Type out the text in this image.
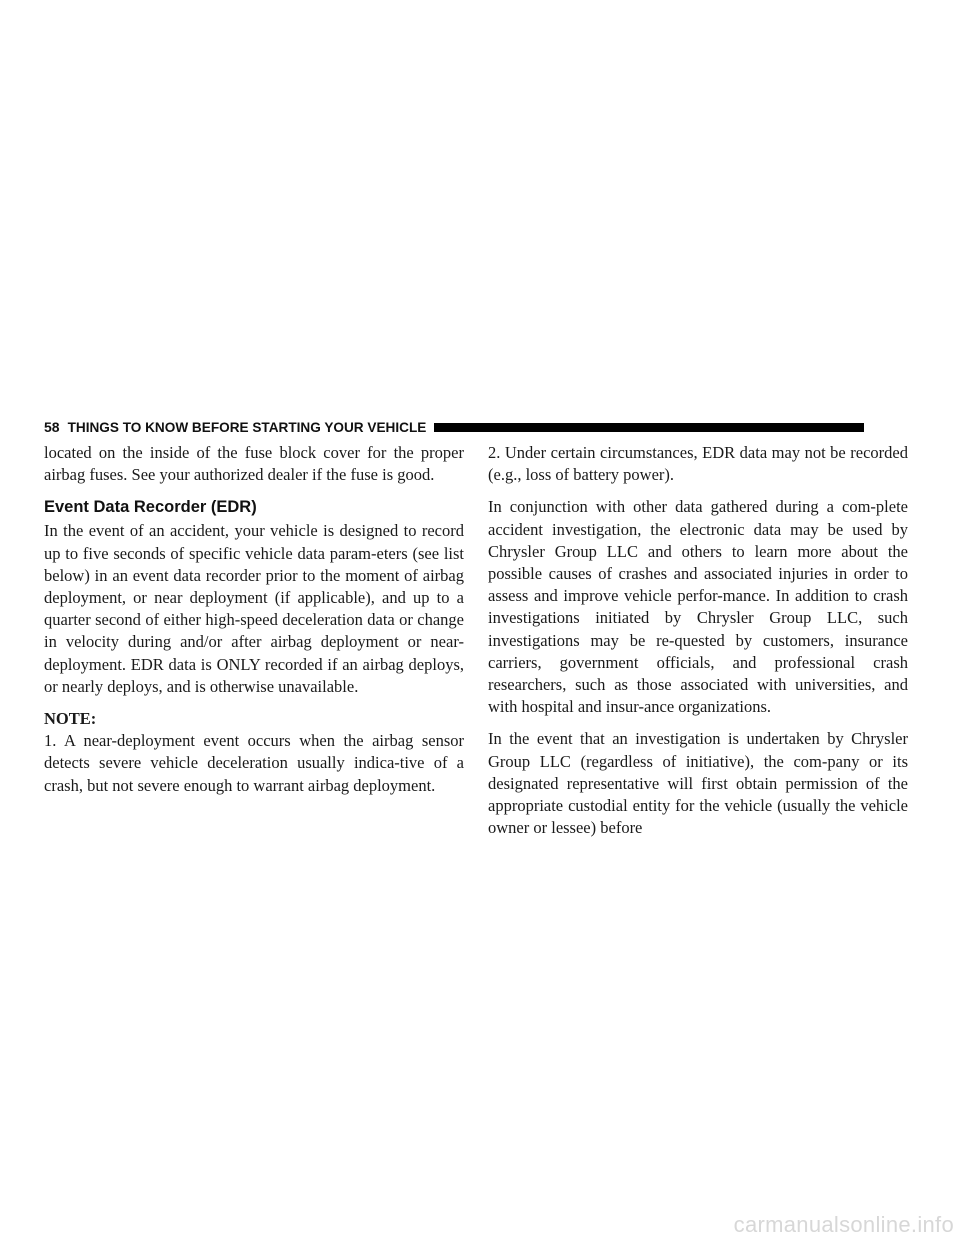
58 THINGS TO KNOW BEFORE STARTING YOUR VEHICLE

located on the inside of the fuse block cover for the proper airbag fuses. See your authorized dealer if the fuse is good.

Event Data Recorder (EDR)

In the event of an accident, your vehicle is designed to record up to five seconds of specific vehicle data param-eters (see list below) in an event data recorder prior to the moment of airbag deployment, or near deployment (if applicable), and up to a quarter second of either high-speed deceleration data or change in velocity during and/or after airbag deployment or near-deployment. EDR data is ONLY recorded if an airbag deploys, or nearly deploys, and is otherwise unavailable.

NOTE:

1. A near-deployment event occurs when the airbag sensor detects severe vehicle deceleration usually indica-tive of a crash, but not severe enough to warrant airbag deployment.

2. Under certain circumstances, EDR data may not be recorded (e.g., loss of battery power).

In conjunction with other data gathered during a com-plete accident investigation, the electronic data may be used by Chrysler Group LLC and others to learn more about the possible causes of crashes and associated injuries in order to assess and improve vehicle perfor-mance. In addition to crash investigations initiated by Chrysler Group LLC, such investigations may be re-quested by customers, insurance carriers, government officials, and professional crash researchers, such as those associated with universities, and with hospital and insur-ance organizations.

In the event that an investigation is undertaken by Chrysler Group LLC (regardless of initiative), the com-pany or its designated representative will first obtain permission of the appropriate custodial entity for the vehicle (usually the vehicle owner or lessee) before

carmanualsonline.info
